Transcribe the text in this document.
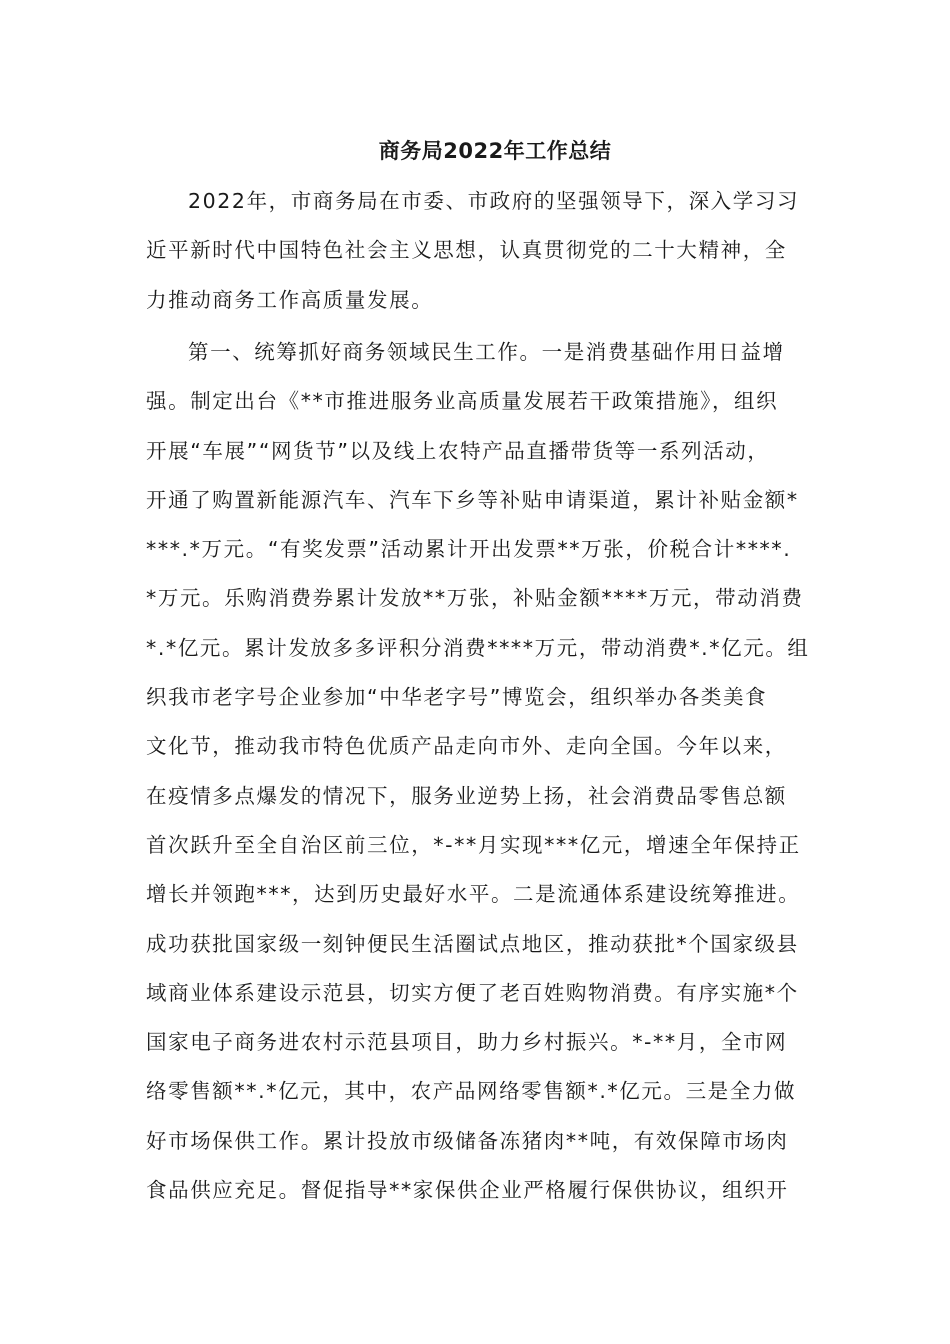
商务局2022年工作总结
2022年，市商务局在市委、市政府的坚强领导下，深入学习习
近平新时代中国特色社会主义思想，认真贯彻党的二十大精神，全
力推动商务工作高质量发展。
第一、统筹抓好商务领域民生工作。一是消费基础作用日益增
强。制定出台《**市推进服务业高质量发展若干政策措施》，组织
开展“车展”“网货节”以及线上农特产品直播带货等一系列活动，
开通了购置新能源汽车、汽车下乡等补贴申请渠道，累计补贴金额*
***.*万元。“有奖发票”活动累计开出发票**万张，价税合计****.
*万元。乐购消费券累计发放**万张，补贴金额****万元，带动消费
*.*亿元。累计发放多多评积分消费****万元，带动消费*.*亿元。组
织我市老字号企业参加“中华老字号”博览会，组织举办各类美食
文化节，推动我市特色优质产品走向市外、走向全国。今年以来，
在疫情多点爆发的情况下，服务业逆势上扬，社会消费品零售总额
首次跃升至全自治区前三位，*-**月实现***亿元，增速全年保持正
增长并领跑***，达到历史最好水平。二是流通体系建设统筹推进。
成功获批国家级一刻钟便民生活圈试点地区，推动获批*个国家级县
域商业体系建设示范县，切实方便了老百姓购物消费。有序实施*个
国家电子商务进农村示范县项目，助力乡村振兴。*-**月，全市网
络零售额**.*亿元，其中，农产品网络零售额*.*亿元。三是全力做
好市场保供工作。累计投放市级储备冻猪肉**吨，有效保障市场肉
食品供应充足。督促指导**家保供企业严格履行保供协议，组织开
